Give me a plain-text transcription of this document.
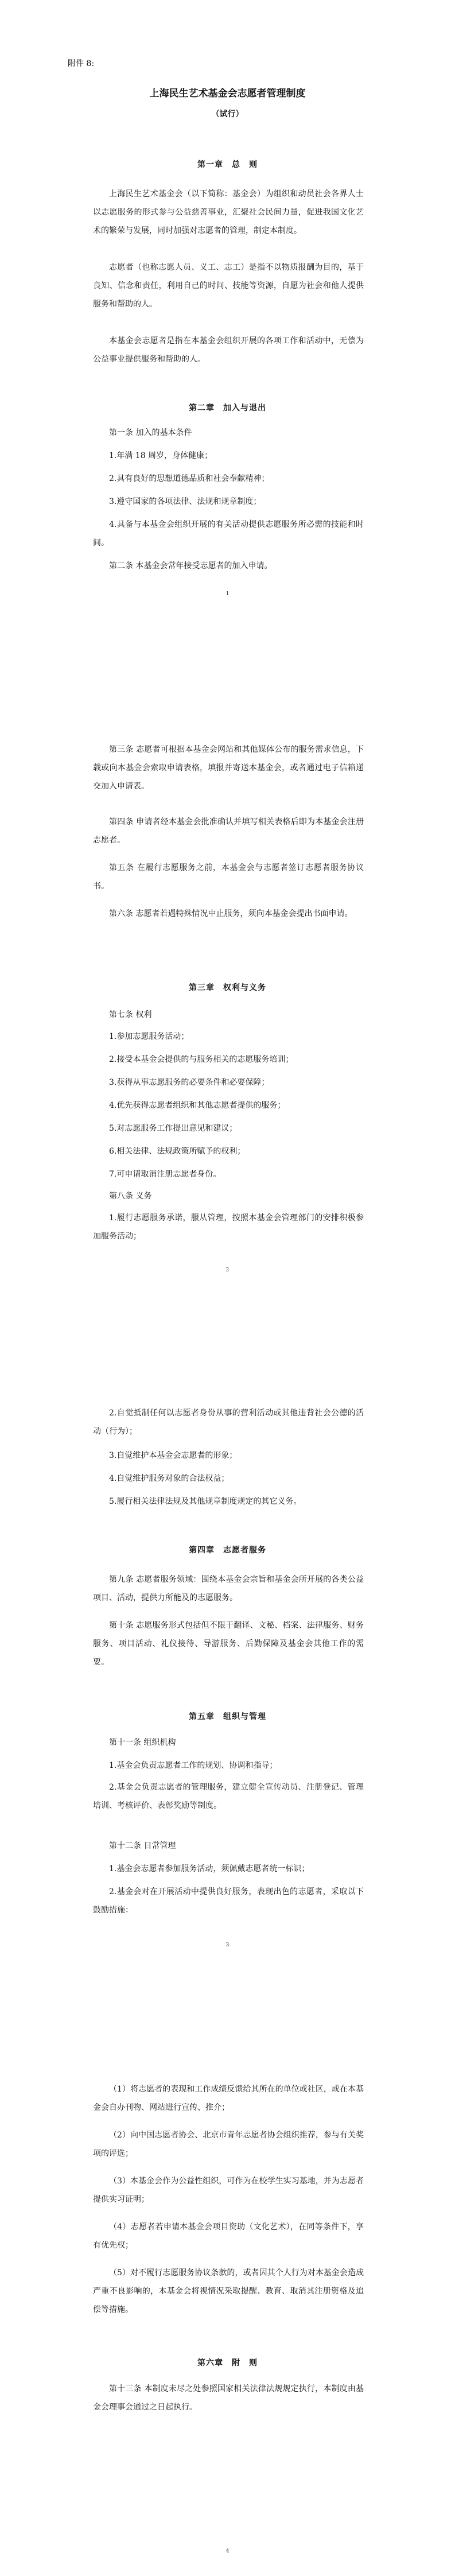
附件 8:
上海民生艺术基金会志愿者管理制度
（试行）
第一章　总　则

上海民生艺术基金会（以下简称：基金会）为组织和动员社会各界人士以志愿服务的形式参与公益慈善事业，汇聚社会民间力量，促进我国文化艺术的繁荣与发展，同时加强对志愿者的管理，制定本制度。

志愿者（也称志愿人员、义工、志工）是指不以物质报酬为目的，基于良知、信念和责任，利用自己的时间、技能等资源，自愿为社会和他人提供服务和帮助的人。

本基金会志愿者是指在本基金会组织开展的各项工作和活动中，无偿为公益事业提供服务和帮助的人。

第二章　加入与退出

第一条 加入的基本条件

1.年满 18 周岁，身体健康；

2.具有良好的思想道德品质和社会奉献精神；

3.遵守国家的各项法律、法规和规章制度；

4.具备与本基金会组织开展的有关活动提供志愿服务所必需的技能和时间。

第二条 本基金会常年接受志愿者的加入申请。

1

第三条 志愿者可根据本基金会网站和其他媒体公布的服务需求信息，下载或向本基金会索取申请表格，填报并寄送本基金会，或者通过电子信箱递交加入申请表。

第四条 申请者经本基金会批准确认并填写相关表格后即为本基金会注册志愿者。

第五条 在履行志愿服务之前，本基金会与志愿者签订志愿者服务协议书。

第六条 志愿者若遇特殊情况中止服务，须向本基金会提出书面申请。

第三章　权利与义务

第七条 权利

1.参加志愿服务活动；

2.接受本基金会提供的与服务相关的志愿服务培训；

3.获得从事志愿服务的必要条件和必要保障；

4.优先获得志愿者组织和其他志愿者提供的服务；

5.对志愿服务工作提出意见和建议；

6.相关法律、法规政策所赋予的权利；

7.可申请取消注册志愿者身份。

第八条 义务

1.履行志愿服务承诺，服从管理，按照本基金会管理部门的安排积极参加服务活动；

2

2.自觉抵制任何以志愿者身份从事的营利活动或其他违背社会公德的活动（行为）；

3.自觉维护本基金会志愿者的形象；

4.自觉维护服务对象的合法权益；

5.履行相关法律法规及其他规章制度规定的其它义务。

第四章　志愿者服务

第九条 志愿者服务领域：围绕本基金会宗旨和基金会所开展的各类公益项目、活动，提供力所能及的志愿服务。

第十条 志愿服务形式包括但不限于翻译、文秘、档案、法律服务、财务服务、项目活动、礼仪接待、导游服务、后勤保障及基金会其他工作的需要。

第五章　组织与管理

第十一条 组织机构

1.基金会负责志愿者工作的规划、协调和指导；

2.基金会负责志愿者的管理服务，建立健全宣传动员、注册登记、管理培训、考核评价、表彰奖励等制度。

第十二条 日常管理

1.基金会志愿者参加服务活动，须佩戴志愿者统一标识；

2.基金会对在开展活动中提供良好服务，表现出色的志愿者，采取以下鼓励措施：

3

（1）将志愿者的表现和工作成绩反馈给其所在的单位或社区，或在本基金会自办刊物、网站进行宣传、推介；

（2）向中国志愿者协会、北京市青年志愿者协会组织推荐，参与有关奖项的评选；

（3）本基金会作为公益性组织，可作为在校学生实习基地，并为志愿者提供实习证明；

（4）志愿者若申请本基金会项目资助（文化艺术），在同等条件下，享有优先权；

（5）对不履行志愿服务协议条款的，或者因其个人行为对本基金会造成严重不良影响的，本基金会将视情况采取提醒、教育、取消其注册资格及追偿等措施。

第六章　附　则

第十三条 本制度未尽之处参照国家相关法律法规规定执行，本制度由基金会理事会通过之日起执行。

4
